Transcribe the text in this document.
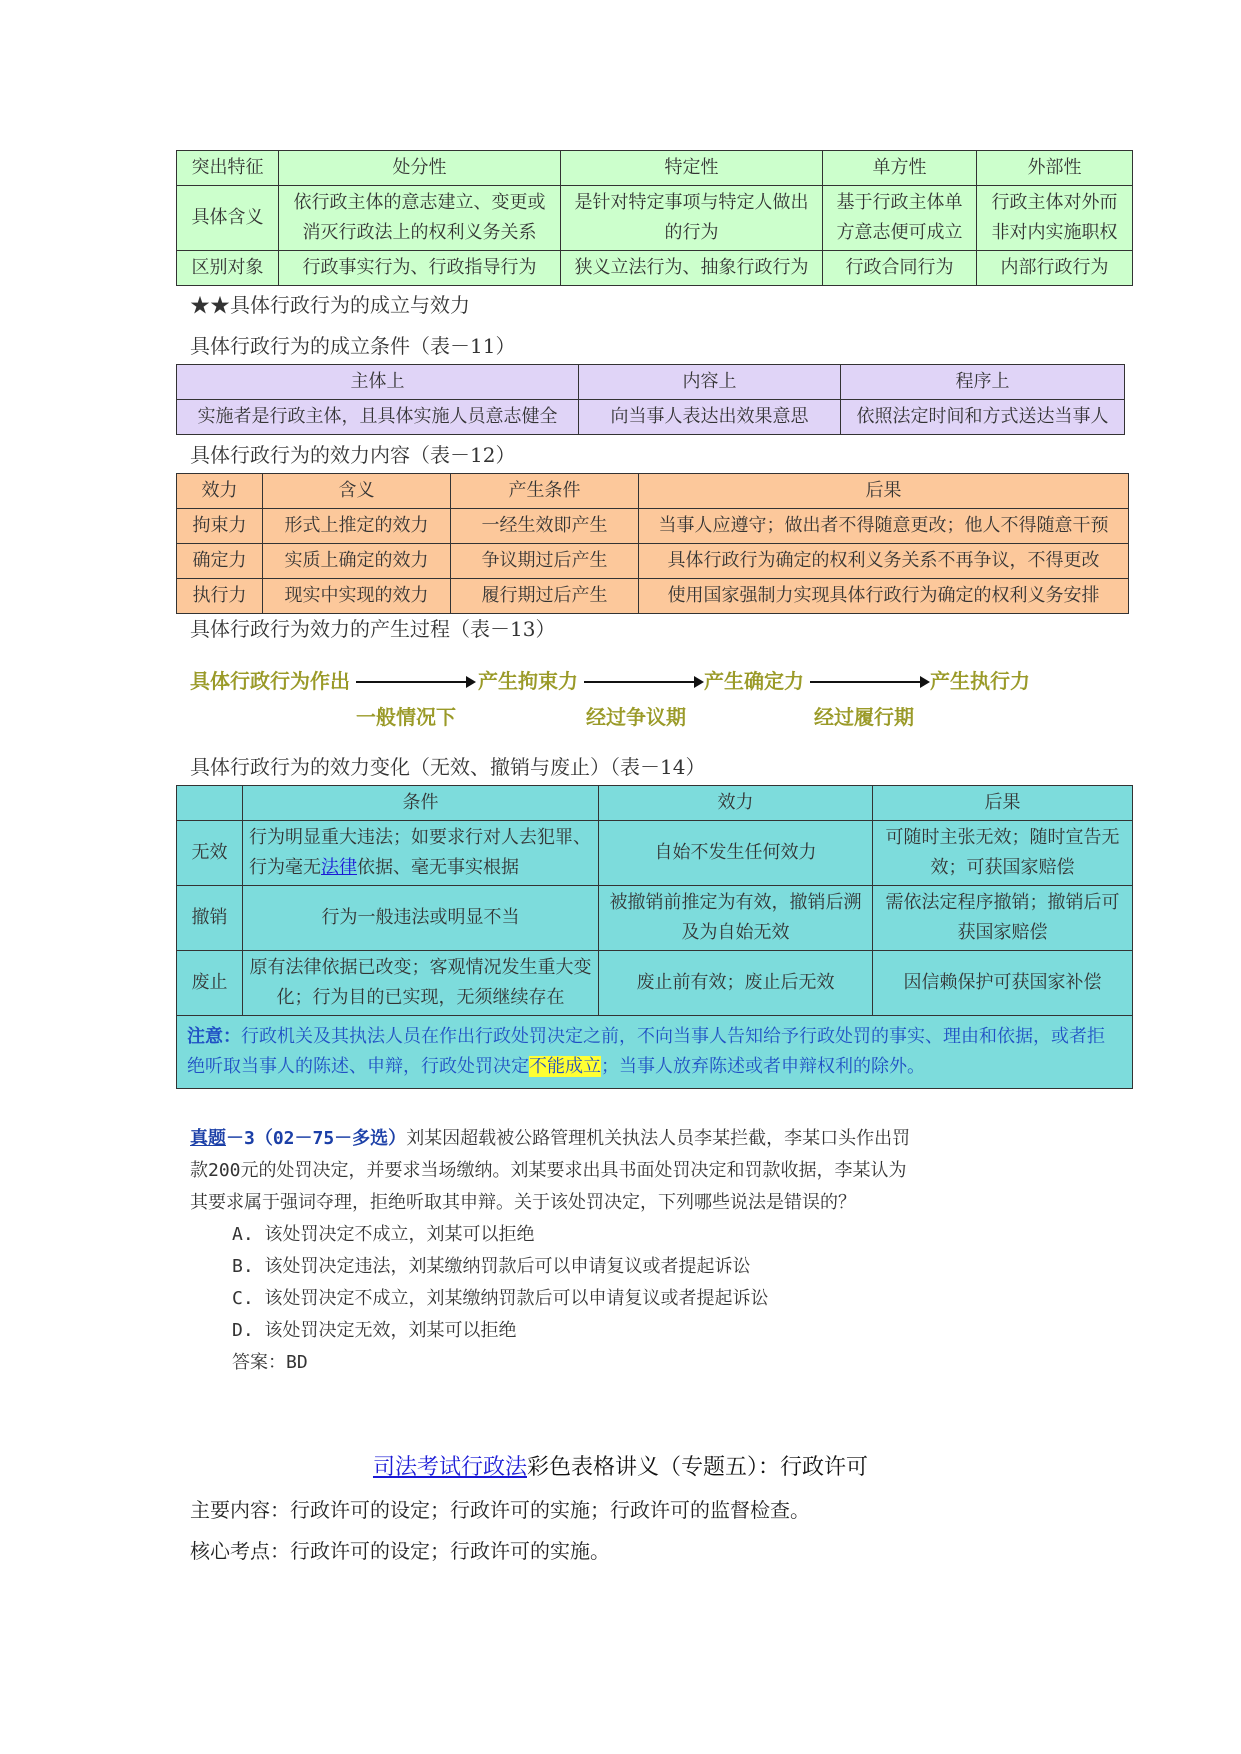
突出特征	处分性	特定性	单方性	外部性
具体含义	依行政主体的意志建立、变更或消灭行政法上的权利义务关系	是针对特定事项与特定人做出的行为	基于行政主体单方意志便可成立	行政主体对外而非对内实施职权
区别对象	行政事实行为、行政指导行为	狭义立法行为、抽象行政行为	行政合同行为	内部行政行为
★★具体行政行为的成立与效力
具体行政行为的成立条件（表－11）
主体上	内容上	程序上
实施者是行政主体，且具体实施人员意志健全	向当事人表达出效果意思	依照法定时间和方式送达当事人
具体行政行为的效力内容（表－12）
效力	含义	产生条件	后果
拘束力	形式上推定的效力	一经生效即产生	当事人应遵守；做出者不得随意更改；他人不得随意干预
确定力	实质上确定的效力	争议期过后产生	具体行政行为确定的权利义务关系不再争议，不得更改
执行力	现实中实现的效力	履行期过后产生	使用国家强制力实现具体行政行为确定的权利义务安排
具体行政行为效力的产生过程（表－13）
具体行政行为作出	产生拘束力	产生确定力	产生执行力
一般情况下	经过争议期	经过履行期
具体行政行为的效力变化（无效、撤销与废止）（表－14）
	条件	效力	后果
无效	行为明显重大违法；如要求行对人去犯罪、行为毫无法律依据、毫无事实根据	自始不发生任何效力	可随时主张无效；随时宣告无效；可获国家赔偿
撤销	行为一般违法或明显不当	被撤销前推定为有效，撤销后溯及为自始无效	需依法定程序撤销；撤销后可获国家赔偿
废止	原有法律依据已改变；客观情况发生重大变化；行为目的已实现，无须继续存在	废止前有效；废止后无效	因信赖保护可获国家补偿
注意：行政机关及其执法人员在作出行政处罚决定之前，不向当事人告知给予行政处罚的事实、理由和依据，或者拒绝听取当事人的陈述、申辩，行政处罚决定不能成立；当事人放弃陈述或者申辩权利的除外。			
真题－3（02－75－多选）刘某因超载被公路管理机关执法人员李某拦截，李某口头作出罚
款200元的处罚决定，并要求当场缴纳。刘某要求出具书面处罚决定和罚款收据，李某认为
其要求属于强词夺理，拒绝听取其申辩。关于该处罚决定，下列哪些说法是错误的？
A. 该处罚决定不成立，刘某可以拒绝
B. 该处罚决定违法，刘某缴纳罚款后可以申请复议或者提起诉讼
C. 该处罚决定不成立，刘某缴纳罚款后可以申请复议或者提起诉讼
D. 该处罚决定无效，刘某可以拒绝
答案：BD
司法考试行政法彩色表格讲义（专题五）：行政许可
主要内容：行政许可的设定；行政许可的实施；行政许可的监督检查。
核心考点：行政许可的设定；行政许可的实施。
